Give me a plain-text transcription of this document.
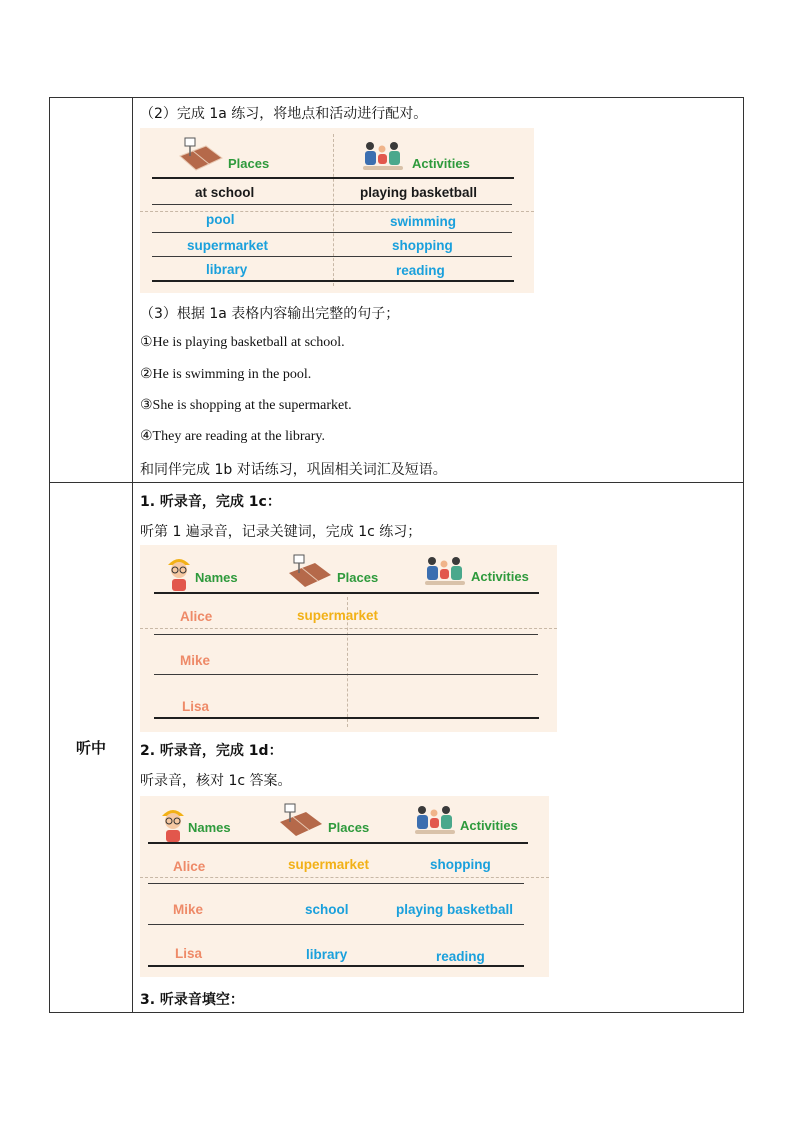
听中
（2）完成 1a 练习，将地点和活动进行配对。
Places	Activities
at school	playing basketball
pool	swimming
supermarket	shopping
library	reading
（3）根据 1a 表格内容输出完整的句子；
①He is playing basketball at school.
②He is swimming in the pool.
③She is shopping at the supermarket.
④They are reading at the library.
和同伴完成 1b 对话练习，巩固相关词汇及短语。
1. 听录音，完成 1c：
听第 1 遍录音，记录关键词，完成 1c 练习；
Names	Places	Activities
Alice	supermarket
Mike
Lisa
2. 听录音，完成 1d：
听录音，核对 1c 答案。
Names	Places	Activities
Alice	supermarket	shopping
Mike	school	playing basketball
Lisa	library	reading
3. 听录音填空：
